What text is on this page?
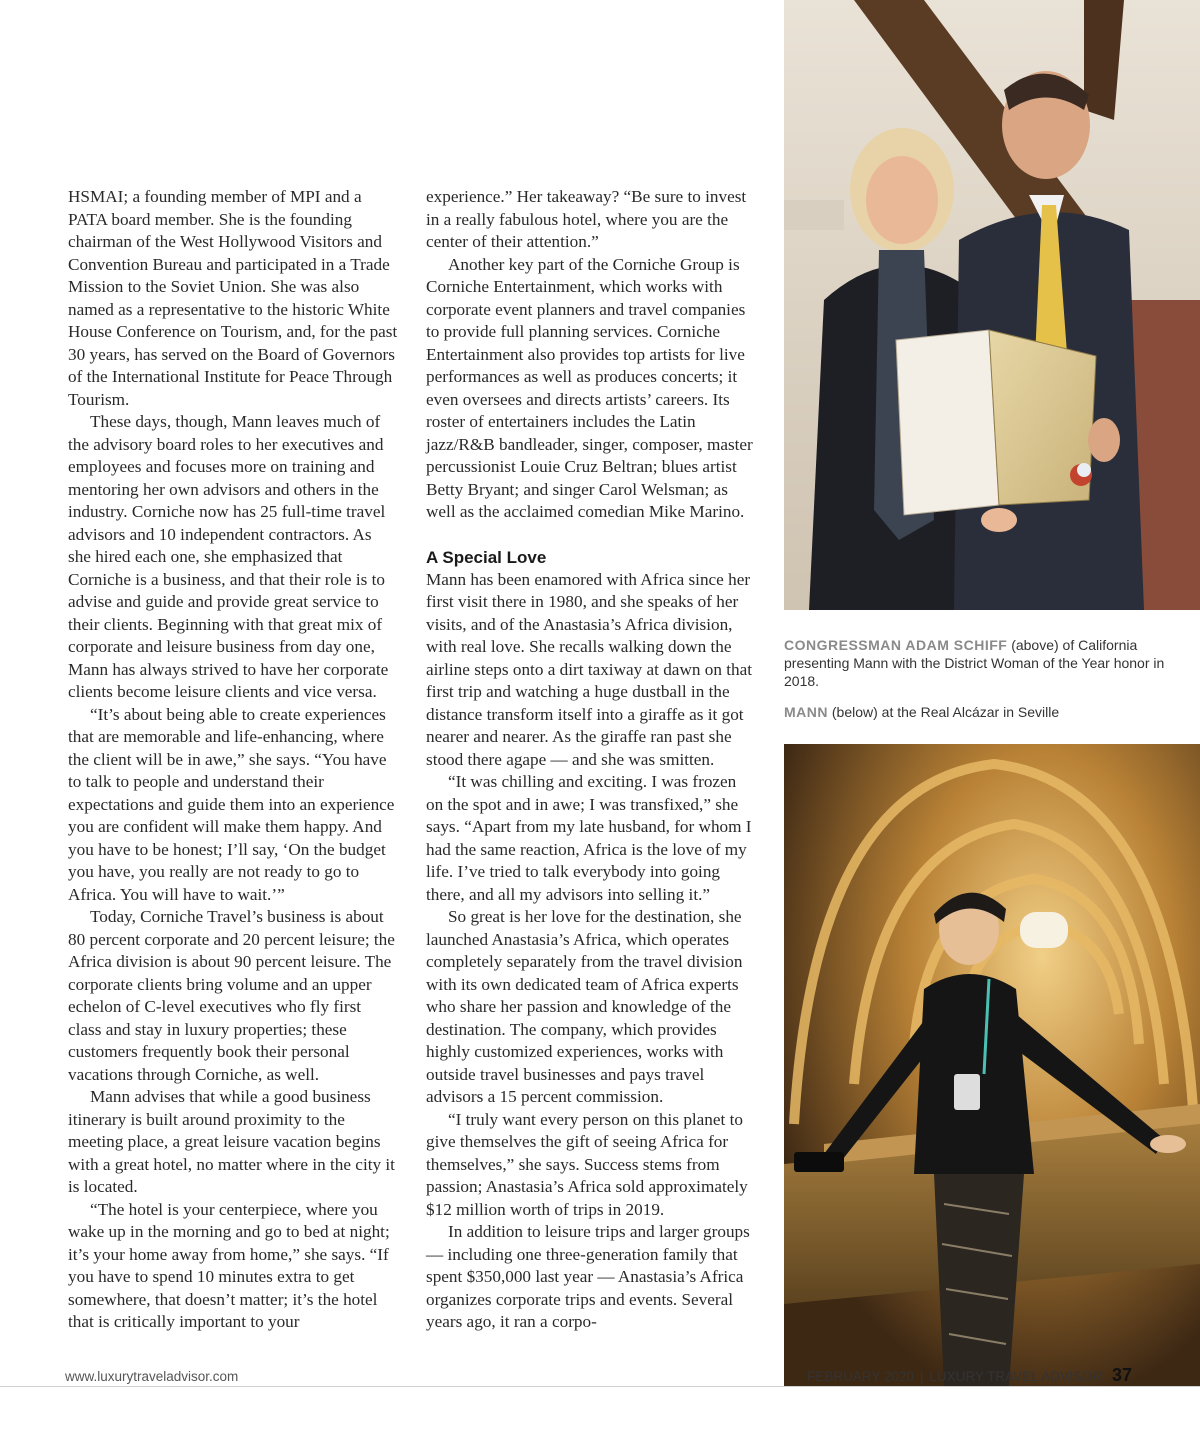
HSMAI; a founding member of MPI and a PATA board member. She is the founding chairman of the West Hollywood Visitors and Convention Bureau and participated in a Trade Mission to the Soviet Union. She was also named as a representative to the historic White House Conference on Tourism, and, for the past 30 years, has served on the Board of Governors of the International Institute for Peace Through Tourism.

These days, though, Mann leaves much of the advisory board roles to her executives and employees and focuses more on training and mentoring her own advisors and others in the industry. Corniche now has 25 full-time travel advisors and 10 independent contractors. As she hired each one, she emphasized that Corniche is a business, and that their role is to advise and guide and provide great service to their clients. Beginning with that great mix of corporate and leisure business from day one, Mann has always strived to have her corporate clients become leisure clients and vice versa.

“It’s about being able to create experiences that are memorable and life-enhancing, where the client will be in awe,” she says. “You have to talk to people and understand their expectations and guide them into an experience you are confident will make them happy. And you have to be honest; I’ll say, ‘On the budget you have, you really are not ready to go to Africa. You will have to wait.’”

Today, Corniche Travel’s business is about 80 percent corporate and 20 percent leisure; the Africa division is about 90 percent leisure. The corporate clients bring volume and an upper echelon of C-level executives who fly first class and stay in luxury properties; these customers frequently book their personal vacations through Corniche, as well.

Mann advises that while a good business itinerary is built around proximity to the meeting place, a great leisure vacation begins with a great hotel, no matter where in the city it is located.

“The hotel is your centerpiece, where you wake up in the morning and go to bed at night; it’s your home away from home,” she says. “If you have to spend 10 minutes extra to get somewhere, that doesn’t matter; it’s the hotel that is critically important to your

experience.” Her takeaway? “Be sure to invest in a really fabulous hotel, where you are the center of their attention.”

Another key part of the Corniche Group is Corniche Entertainment, which works with corporate event planners and travel companies to provide full planning services. Corniche Entertainment also provides top artists for live performances as well as produces concerts; it even oversees and directs artists’ careers. Its roster of entertainers includes the Latin jazz/R&B bandleader, singer, composer, master percussionist Louie Cruz Beltran; blues artist Betty Bryant; and singer Carol Welsman; as well as the acclaimed comedian Mike Marino.

A Special Love

Mann has been enamored with Africa since her first visit there in 1980, and she speaks of her visits, and of the Anastasia’s Africa division, with real love. She recalls walking down the airline steps onto a dirt taxiway at dawn on that first trip and watching a huge dustball in the distance transform itself into a giraffe as it got nearer and nearer. As the giraffe ran past she stood there agape — and she was smitten.

“It was chilling and exciting. I was frozen on the spot and in awe; I was transfixed,” she says. “Apart from my late husband, for whom I had the same reaction, Africa is the love of my life. I’ve tried to talk everybody into going there, and all my advisors into selling it.”

So great is her love for the destination, she launched Anastasia’s Africa, which operates completely separately from the travel division with its own dedicated team of Africa experts who share her passion and knowledge of the destination. The company, which provides highly customized experiences, works with outside travel businesses and pays travel advisors a 15 percent commission.

“I truly want every person on this planet to give themselves the gift of seeing Africa for themselves,” she says. Success stems from passion; Anastasia’s Africa sold approximately $12 million worth of trips in 2019.

In addition to leisure trips and larger groups — including one three-generation family that spent $350,000 last year — Anastasia’s Africa organizes corporate trips and events. Several years ago, it ran a corpo-

CONGRESSMAN ADAM SCHIFF (above) of California presenting Mann with the District Woman of the Year honor in 2018.
MANN (below) at the Real Alcázar in Seville
www.luxurytraveladvisor.com	FEBRUARY 2020 | LUXURY TRAVEL ADVISOR 37
